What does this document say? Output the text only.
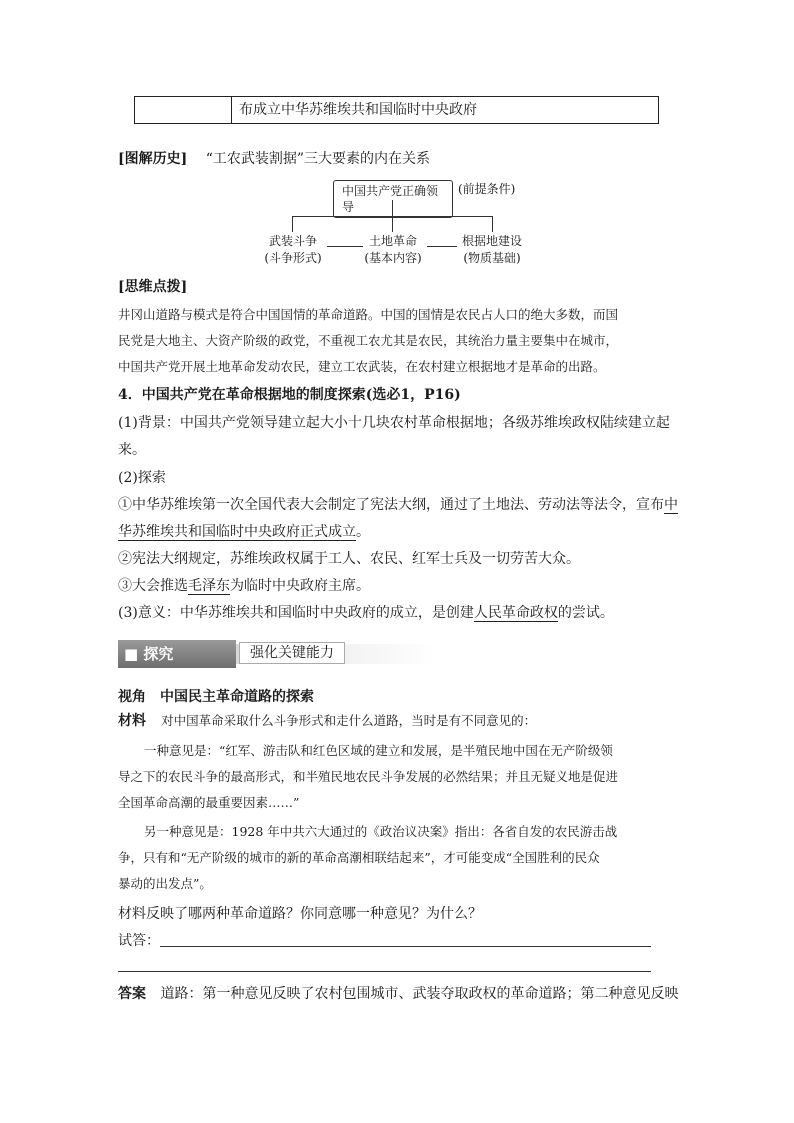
布成立中华苏维埃共和国临时中央政府
[图解历史] “工农武装割据”三大要素的内在关系
中国共产党正确领导
(前提条件)
武装斗争
(斗争形式)
土地革命
(基本内容)
根据地建设
(物质基础)
[思维点拨]
井冈山道路与模式是符合中国国情的革命道路。中国的国情是农民占人口的绝大多数，而国
民党是大地主、大资产阶级的政党，不重视工农尤其是农民，其统治力量主要集中在城市，
中国共产党开展土地革命发动农民，建立工农武装，在农村建立根据地才是革命的出路。
4．中国共产党在革命根据地的制度探索(选必1，P16)
(1)背景：中国共产党领导建立起大小十几块农村革命根据地；各级苏维埃政权陆续建立起
来。
(2)探索
①中华苏维埃第一次全国代表大会制定了宪法大纲，通过了土地法、劳动法等法令，宣布中
华苏维埃共和国临时中央政府正式成立。
②宪法大纲规定，苏维埃政权属于工人、农民、红军士兵及一切劳苦大众。
③大会推选毛泽东为临时中央政府主席。
(3)意义：中华苏维埃共和国临时中央政府的成立，是创建人民革命政权的尝试。
■ 探究	强化关键能力
视角　中国民主革命道路的探索
材料 对中国革命采取什么斗争形式和走什么道路，当时是有不同意见的：
一种意见是：“红军、游击队和红色区域的建立和发展，是半殖民地中国在无产阶级领
导之下的农民斗争的最高形式，和半殖民地农民斗争发展的必然结果；并且无疑义地是促进
全国革命高潮的最重要因素……”
另一种意见是：1928 年中共六大通过的《政治议决案》指出：各省自发的农民游击战
争，只有和“无产阶级的城市的新的革命高潮相联结起来”，才可能变成“全国胜利的民众
暴动的出发点”。
材料反映了哪两种革命道路？你同意哪一种意见？为什么？
试答：
答案 道路：第一种意见反映了农村包围城市、武装夺取政权的革命道路；第二种意见反映
